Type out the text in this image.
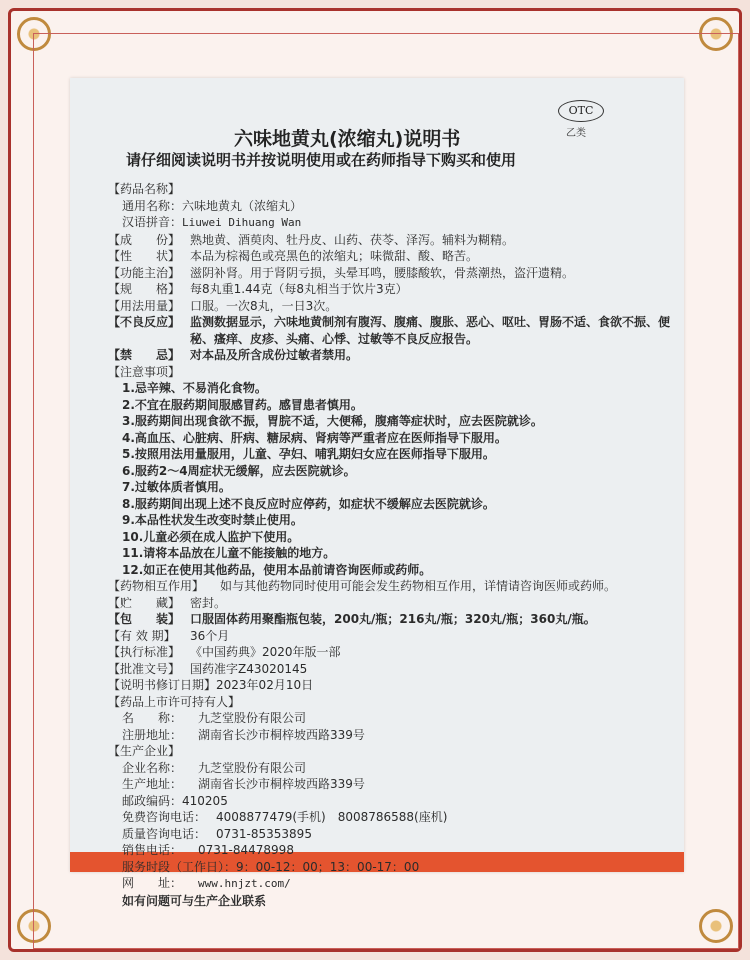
OTC
乙类
六味地黄丸(浓缩丸)说明书
请仔细阅读说明书并按说明使用或在药师指导下购买和使用
【药品名称】
通用名称：六味地黄丸（浓缩丸）
汉语拼音：Liuwei Dihuang Wan
【成　　份】 熟地黄、酒萸肉、牡丹皮、山药、茯苓、泽泻。辅料为糊精。
【性　　状】 本品为棕褐色或亮黑色的浓缩丸；味微甜、酸、略苦。
【功能主治】 滋阴补肾。用于肾阴亏损，头晕耳鸣，腰膝酸软，骨蒸潮热，盗汗遗精。
【规　　格】 每8丸重1.44克（每8丸相当于饮片3克）
【用法用量】 口服。一次8丸，一日3次。
【不良反应】 监测数据显示，六味地黄制剂有腹泻、腹痛、腹胀、恶心、呕吐、胃肠不适、食欲不振、便秘、瘙痒、皮疹、头痛、心悸、过敏等不良反应报告。
【禁　　忌】 对本品及所含成份过敏者禁用。
【注意事项】
1.忌辛辣、不易消化食物。
2.不宜在服药期间服感冒药。感冒患者慎用。
3.服药期间出现食欲不振，胃脘不适，大便稀，腹痛等症状时，应去医院就诊。
4.高血压、心脏病、肝病、糖尿病、肾病等严重者应在医师指导下服用。
5.按照用法用量服用，儿童、孕妇、哺乳期妇女应在医师指导下服用。
6.服药2～4周症状无缓解，应去医院就诊。
7.过敏体质者慎用。
8.服药期间出现上述不良反应时应停药，如症状不缓解应去医院就诊。
9.本品性状发生改变时禁止使用。
10.儿童必须在成人监护下使用。
11.请将本品放在儿童不能接触的地方。
12.如正在使用其他药品，使用本品前请咨询医师或药师。
【药物相互作用】	如与其他药物同时使用可能会发生药物相互作用，详情请咨询医师或药师。
【贮　　藏】 密封。
【包　　装】 口服固体药用聚酯瓶包装，200丸/瓶；216丸/瓶；320丸/瓶；360丸/瓶。
【有 效 期】 36个月
【执行标准】 《中国药典》2020年版一部
【批准文号】 国药准字Z43020145
【说明书修订日期】2023年02月10日
【药品上市许可持有人】
名　　称： 九芝堂股份有限公司
注册地址： 湖南省长沙市桐梓坡西路339号
【生产企业】
企业名称： 九芝堂股份有限公司
生产地址： 湖南省长沙市桐梓坡西路339号
邮政编码：410205
免费咨询电话： 4008877479(手机)　8008786588(座机)
质量咨询电话： 0731-85353895
销售电话： 0731-84478998
服务时段（工作日）：9：00-12：00；13：00-17：00
网　　址： www.hnjzt.com/
如有问题可与生产企业联系
